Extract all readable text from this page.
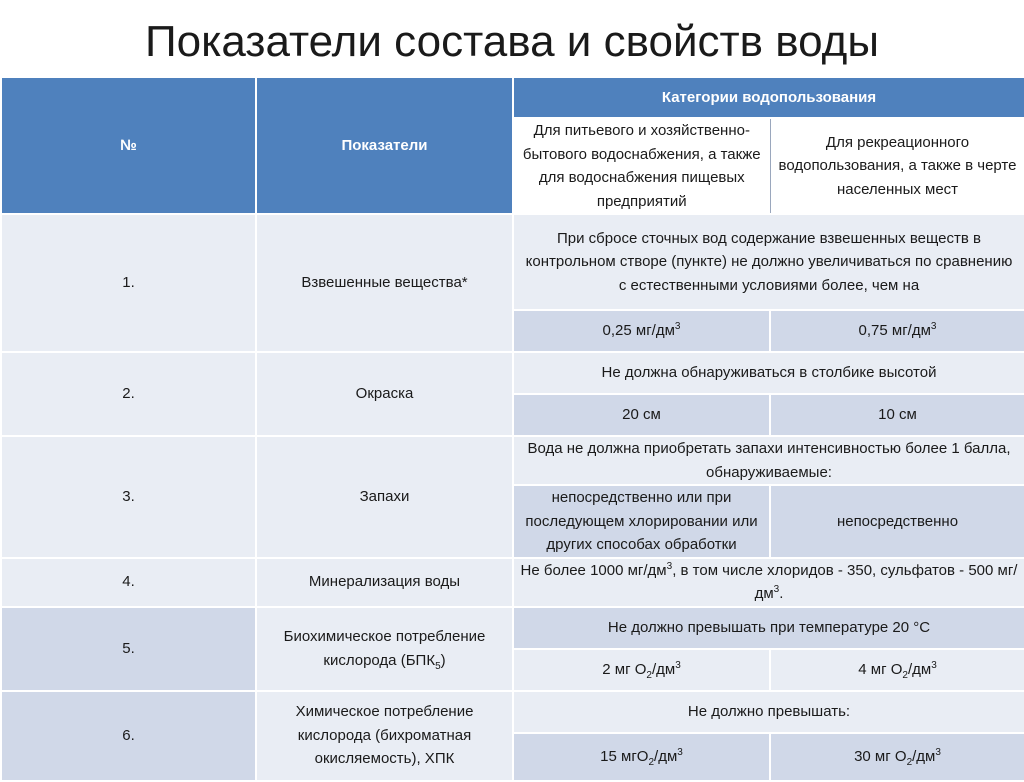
Показатели состава и свойств воды
№	Показатели	Категории водопользования	
		Для питьевого и хозяйственно-бытового водоснабжения, а также для водоснабжения пищевых предприятий	Для рекреационного водопользования, а также в черте населенных мест
1.	Взвешенные вещества*	При сбросе сточных вод содержание взвешенных веществ в контрольном створе (пункте) не должно увеличиваться по сравнению с естественными условиями более, чем на	
		0,25 $мг/дм^3$	0,75 $мг/дм^3$
2.	Окраска	Не должна обнаруживаться в столбике высотой	
		20 см	10 см
3.	Запахи	Вода не должна приобретать запахи интенсивностью более 1 балла, обнаруживаемые:	
		непосредственно или при последующем хлорировании или других способах обработки	непосредственно
4.	Минерализация воды	Не более 1000 $мг/дм^3$, в том числе хлоридов - 350, сульфатов - 500 $мг/дм^3$.	
5.	Биохимическое потребление кислорода $(БПК_5)$	Не должно превышать при температуре 20 °С	
		2 мг $О_2/дм^3$	4 мг $О_2/дм^3$
6.	Химическое потребление кислорода (бихроматная окисляемость), ХПК	Не должно превышать:	
		15 $мгО_2/дм^3$	30 мг $О_2/дм^3$
